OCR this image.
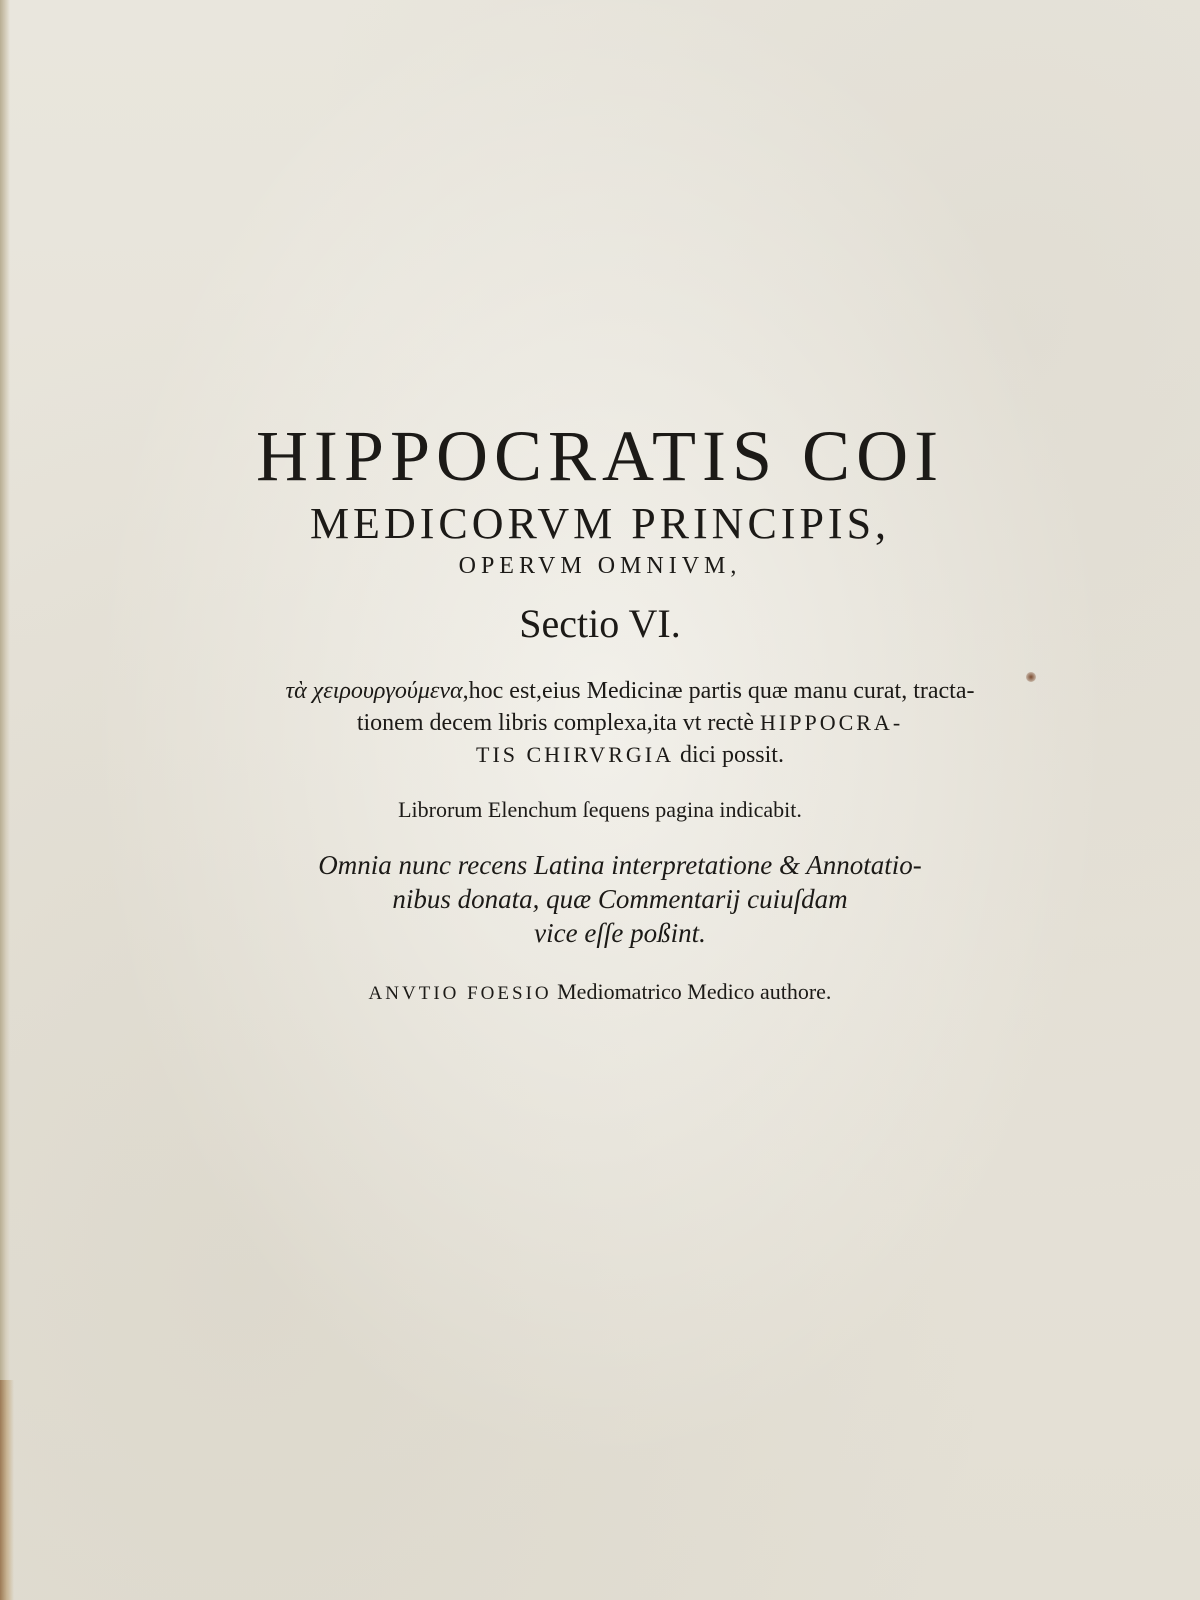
HIPPOCRATIS COI
MEDICORVM PRINCIPIS,
OPERVM OMNIVM,
Sectio VI.
τὰ χειρουργούμενα,hoc est,eius Medicinæ partis quæ manu curat, tracta-
tionem decem libris complexa,ita vt rectè HIPPOCRA-
TIS CHIRVRGIA dici possit.
Librorum Elenchum ſequens pagina indicabit.
Omnia nunc recens Latina interpretatione & Annotatio-
nibus donata, quæ Commentarij cuiuſdam
vice eſſe poßint.
ANVTIO FOESIO Mediomatrico Medico authore.
